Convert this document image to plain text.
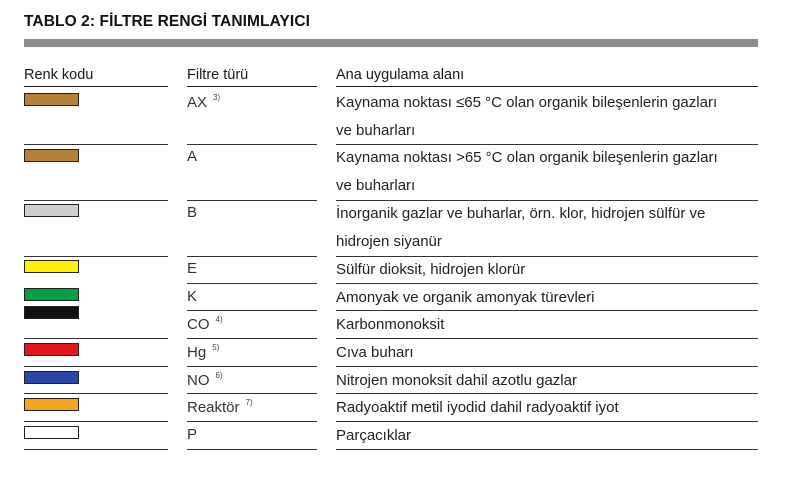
TABLO 2: FİLTRE RENGİ TANIMLAYICI
Renk kodu	Filtre türü	Ana uygulama alanı
AX $^{3)}$	Kaynama noktası ≤65 °C olan organik bileşenlerin gazları
ve buharları
A	Kaynama noktası >65 °C olan organik bileşenlerin gazları
ve buharları
B	İnorganik gazlar ve buharlar, örn. klor, hidrojen sülfür ve
hidrojen siyanür
E	Sülfür dioksit, hidrojen klorür
K	Amonyak ve organik amonyak türevleri
CO $^{4)}$	Karbonmonoksit
Hg $^{5)}$	Cıva buharı
NO $^{6)}$	Nitrojen monoksit dahil azotlu gazlar
Reaktör $^{7)}$	Radyoaktif metil iyodid dahil radyoaktif iyot
P	Parçacıklar
